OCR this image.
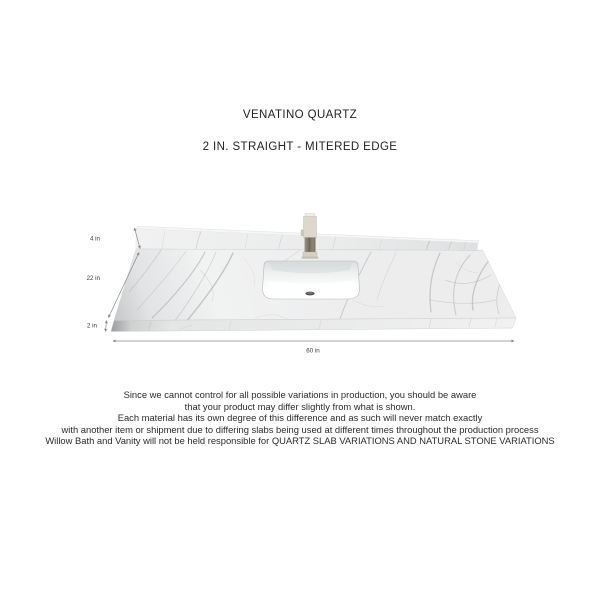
VENATINO QUARTZ
2 IN. STRAIGHT - MITERED EDGE
4 in
22 in
2 in
60 in
Since we cannot control for all possible variations in production, you should be aware
that your product may differ slightly from what is shown.
Each material has its own degree of this difference and as such will never match exactly
with another item or shipment due to differing slabs being used at different times throughout the production process
Willow Bath and Vanity will not be held responsible for QUARTZ SLAB VARIATIONS AND NATURAL STONE VARIATIONS
